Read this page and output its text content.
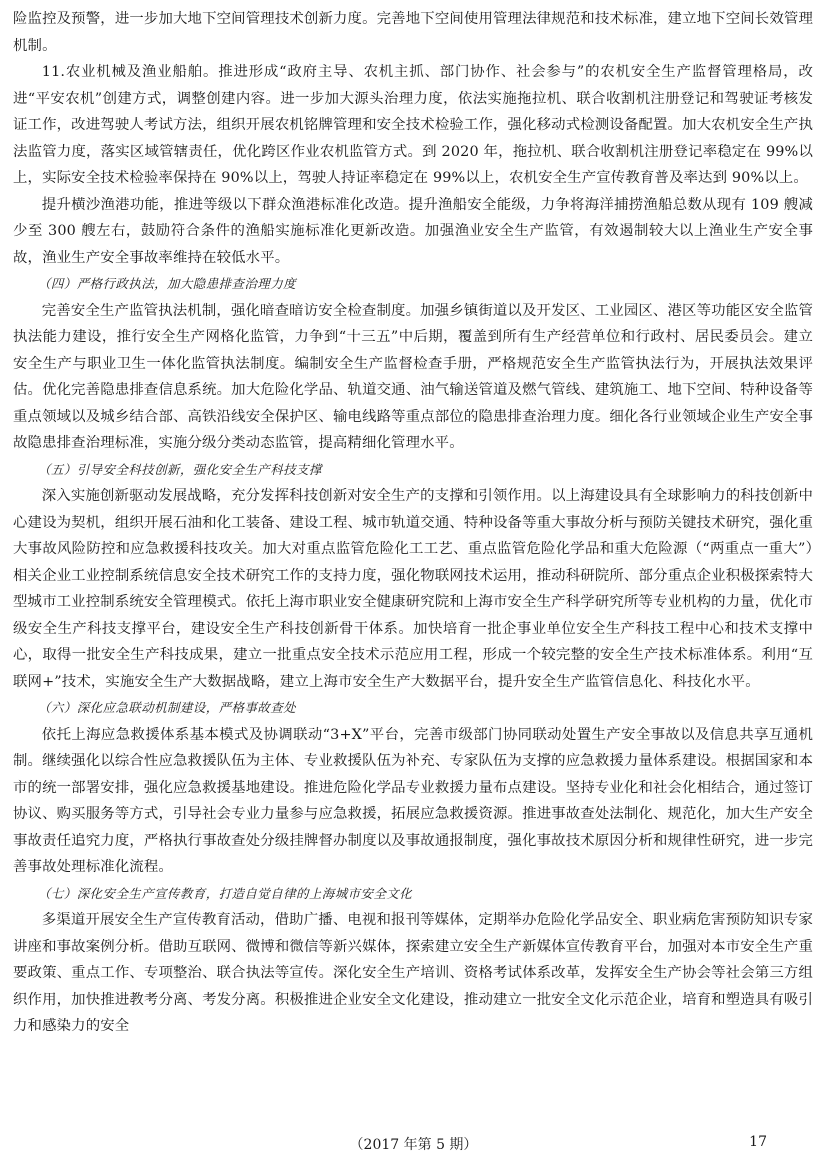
险监控及预警，进一步加大地下空间管理技术创新力度。完善地下空间使用管理法律规范和技术标准，建立地下空间长效管理机制。

11.农业机械及渔业船舶。推进形成“政府主导、农机主抓、部门协作、社会参与”的农机安全生产监督管理格局，改进“平安农机”创建方式，调整创建内容。进一步加大源头治理力度，依法实施拖拉机、联合收割机注册登记和驾驶证考核发证工作，改进驾驶人考试方法，组织开展农机铭牌管理和安全技术检验工作，强化移动式检测设备配置。加大农机安全生产执法监管力度，落实区域管辖责任，优化跨区作业农机监管方式。到 2020 年，拖拉机、联合收割机注册登记率稳定在 99%以上，实际安全技术检验率保持在 90%以上，驾驶人持证率稳定在 99%以上，农机安全生产宣传教育普及率达到 90%以上。

提升横沙渔港功能，推进等级以下群众渔港标准化改造。提升渔船安全能级，力争将海洋捕捞渔船总数从现有 109 艘减少至 300 艘左右，鼓励符合条件的渔船实施标准化更新改造。加强渔业安全生产监管，有效遏制较大以上渔业生产安全事故，渔业生产安全事故率维持在较低水平。

（四）严格行政执法，加大隐患排查治理力度

完善安全生产监管执法机制，强化暗查暗访安全检查制度。加强乡镇街道以及开发区、工业园区、港区等功能区安全监管执法能力建设，推行安全生产网格化监管，力争到“十三五”中后期，覆盖到所有生产经营单位和行政村、居民委员会。建立安全生产与职业卫生一体化监管执法制度。编制安全生产监督检查手册，严格规范安全生产监管执法行为，开展执法效果评估。优化完善隐患排查信息系统。加大危险化学品、轨道交通、油气输送管道及燃气管线、建筑施工、地下空间、特种设备等重点领域以及城乡结合部、高铁沿线安全保护区、输电线路等重点部位的隐患排查治理力度。细化各行业领域企业生产安全事故隐患排查治理标准，实施分级分类动态监管，提高精细化管理水平。

（五）引导安全科技创新，强化安全生产科技支撑

深入实施创新驱动发展战略，充分发挥科技创新对安全生产的支撑和引领作用。以上海建设具有全球影响力的科技创新中心建设为契机，组织开展石油和化工装备、建设工程、城市轨道交通、特种设备等重大事故分析与预防关键技术研究，强化重大事故风险防控和应急救援科技攻关。加大对重点监管危险化工工艺、重点监管危险化学品和重大危险源（“两重点一重大”）相关企业工业控制系统信息安全技术研究工作的支持力度，强化物联网技术运用，推动科研院所、部分重点企业积极探索特大型城市工业控制系统安全管理模式。依托上海市职业安全健康研究院和上海市安全生产科学研究所等专业机构的力量，优化市级安全生产科技支撑平台，建设安全生产科技创新骨干体系。加快培育一批企事业单位安全生产科技工程中心和技术支撑中心，取得一批安全生产科技成果，建立一批重点安全技术示范应用工程，形成一个较完整的安全生产技术标准体系。利用“互联网+”技术，实施安全生产大数据战略，建立上海市安全生产大数据平台，提升安全生产监管信息化、科技化水平。

（六）深化应急联动机制建设，严格事故查处

依托上海应急救援体系基本模式及协调联动“3+X”平台，完善市级部门协同联动处置生产安全事故以及信息共享互通机制。继续强化以综合性应急救援队伍为主体、专业救援队伍为补充、专家队伍为支撑的应急救援力量体系建设。根据国家和本市的统一部署安排，强化应急救援基地建设。推进危险化学品专业救援力量布点建设。坚持专业化和社会化相结合，通过签订协议、购买服务等方式，引导社会专业力量参与应急救援，拓展应急救援资源。推进事故查处法制化、规范化，加大生产安全事故责任追究力度，严格执行事故查处分级挂牌督办制度以及事故通报制度，强化事故技术原因分析和规律性研究，进一步完善事故处理标准化流程。

（七）深化安全生产宣传教育，打造自觉自律的上海城市安全文化

多渠道开展安全生产宣传教育活动，借助广播、电视和报刊等媒体，定期举办危险化学品安全、职业病危害预防知识专家讲座和事故案例分析。借助互联网、微博和微信等新兴媒体，探索建立安全生产新媒体宣传教育平台，加强对本市安全生产重要政策、重点工作、专项整治、联合执法等宣传。深化安全生产培训、资格考试体系改革，发挥安全生产协会等社会第三方组织作用，加快推进教考分离、考发分离。积极推进企业安全文化建设，推动建立一批安全文化示范企业，培育和塑造具有吸引力和感染力的安全

（2017 年第 5 期）	17
